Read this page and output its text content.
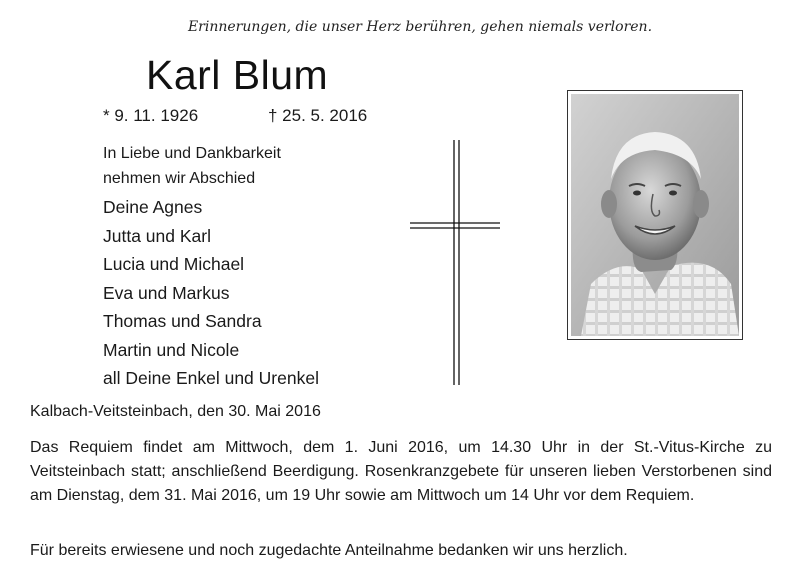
Erinnerungen, die unser Herz berühren, gehen niemals verloren.
Karl Blum
* 9. 11. 1926	† 25. 5. 2016
In Liebe und Dankbarkeit
nehmen wir Abschied
Deine Agnes
Jutta und Karl
Lucia und Michael
Eva und Markus
Thomas und Sandra
Martin und Nicole
all Deine Enkel und Urenkel
Kalbach-Veitsteinbach, den 30. Mai 2016
Das Requiem findet am Mittwoch, dem 1. Juni 2016, um 14.30 Uhr in der St.-Vitus-Kirche zu Veitsteinbach statt; anschließend Beerdigung. Rosenkranzgebete für unseren lieben Verstorbenen sind am Dienstag, dem 31. Mai 2016, um 19 Uhr sowie am Mittwoch um 14 Uhr vor dem Requiem.
Für bereits erwiesene und noch zugedachte Anteilnahme bedanken wir uns herzlich.
